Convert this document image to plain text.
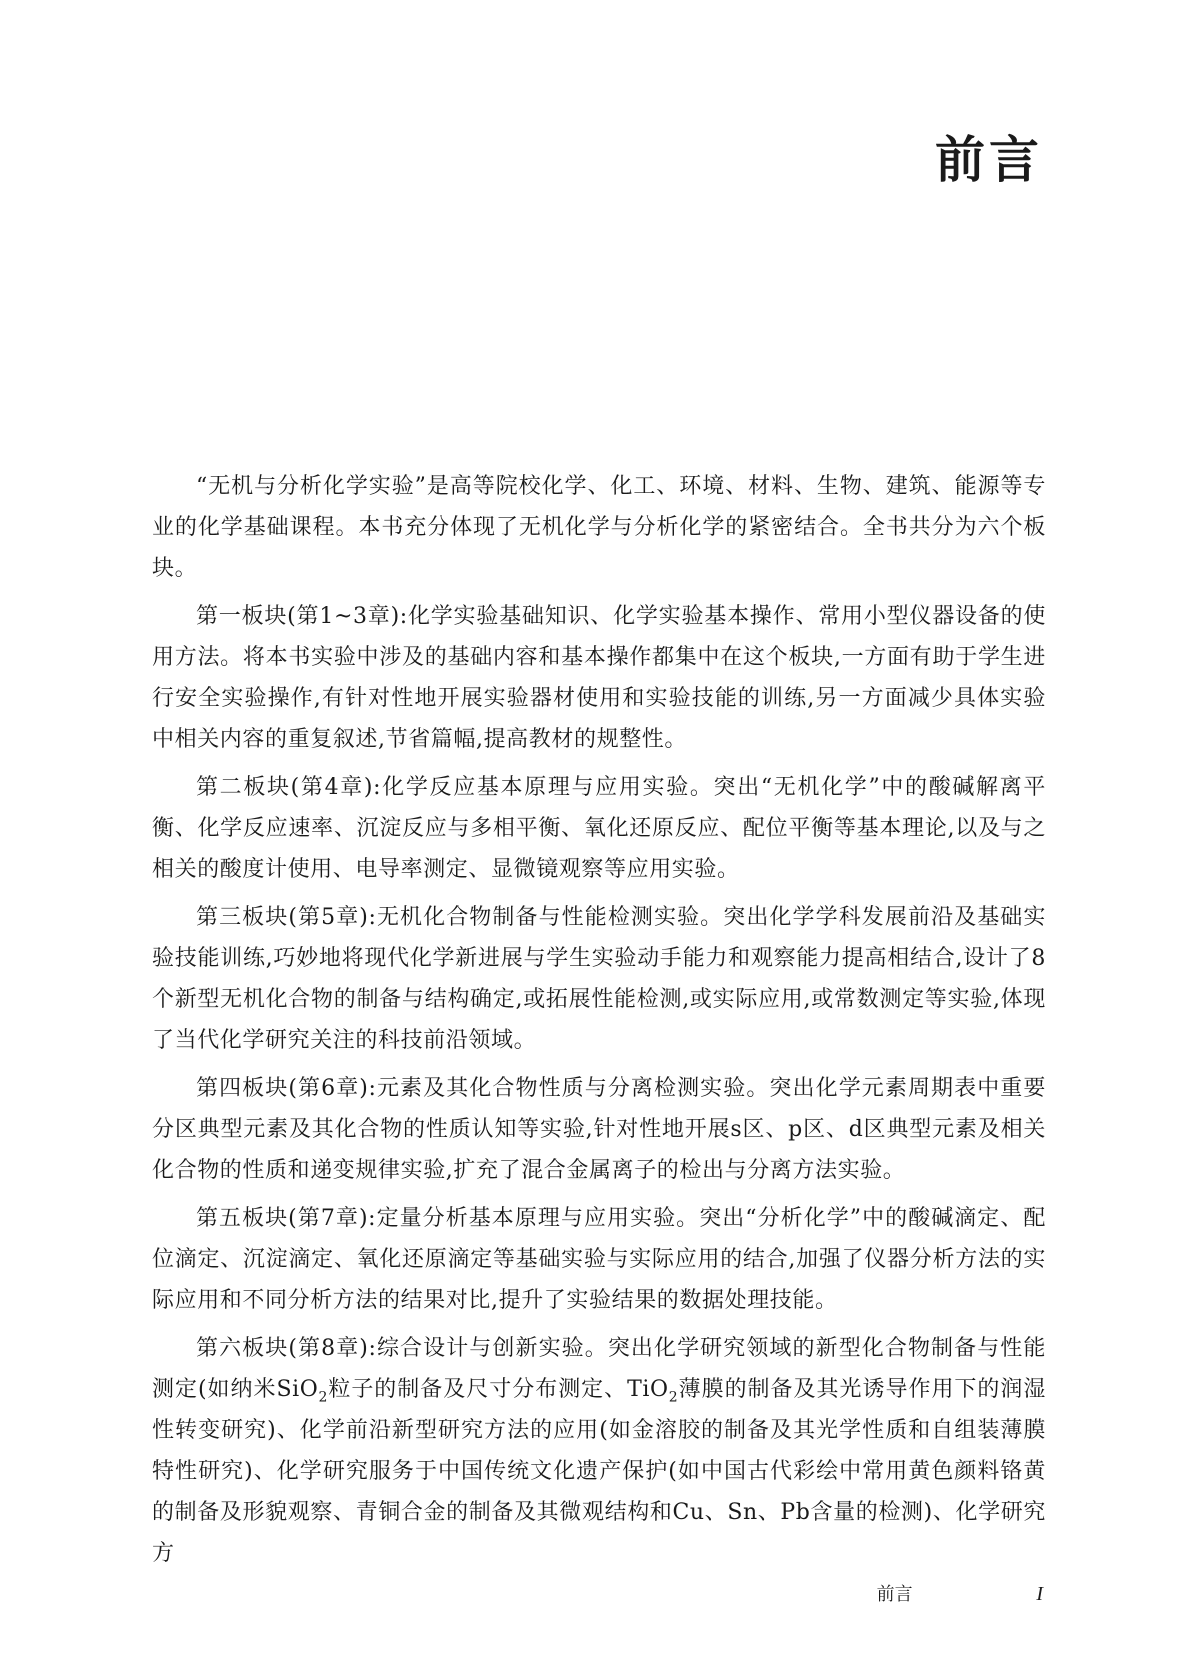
前言

“无机与分析化学实验”是高等院校化学、化工、环境、材料、生物、建筑、能源等专业的化学基础课程。本书充分体现了无机化学与分析化学的紧密结合。全书共分为六个板块。

第一板块(第1~3章):化学实验基础知识、化学实验基本操作、常用小型仪器设备的使用方法。将本书实验中涉及的基础内容和基本操作都集中在这个板块,一方面有助于学生进行安全实验操作,有针对性地开展实验器材使用和实验技能的训练,另一方面减少具体实验中相关内容的重复叙述,节省篇幅,提高教材的规整性。

第二板块(第4章):化学反应基本原理与应用实验。突出“无机化学”中的酸碱解离平衡、化学反应速率、沉淀反应与多相平衡、氧化还原反应、配位平衡等基本理论,以及与之相关的酸度计使用、电导率测定、显微镜观察等应用实验。

第三板块(第5章):无机化合物制备与性能检测实验。突出化学学科发展前沿及基础实验技能训练,巧妙地将现代化学新进展与学生实验动手能力和观察能力提高相结合,设计了8个新型无机化合物的制备与结构确定,或拓展性能检测,或实际应用,或常数测定等实验,体现了当代化学研究关注的科技前沿领域。

第四板块(第6章):元素及其化合物性质与分离检测实验。突出化学元素周期表中重要分区典型元素及其化合物的性质认知等实验,针对性地开展s区、p区、d区典型元素及相关化合物的性质和递变规律实验,扩充了混合金属离子的检出与分离方法实验。

第五板块(第7章):定量分析基本原理与应用实验。突出“分析化学”中的酸碱滴定、配位滴定、沉淀滴定、氧化还原滴定等基础实验与实际应用的结合,加强了仪器分析方法的实际应用和不同分析方法的结果对比,提升了实验结果的数据处理技能。

第六板块(第8章):综合设计与创新实验。突出化学研究领域的新型化合物制备与性能测定(如纳米SiO$_2$粒子的制备及尺寸分布测定、TiO$_2$薄膜的制备及其光诱导作用下的润湿性转变研究)、化学前沿新型研究方法的应用(如金溶胶的制备及其光学性质和自组装薄膜特性研究)、化学研究服务于中国传统文化遗产保护(如中国古代彩绘中常用黄色颜料铬黄的制备及形貌观察、青铜合金的制备及其微观结构和Cu、Sn、Pb含量的检测)、化学研究方

前言	I
